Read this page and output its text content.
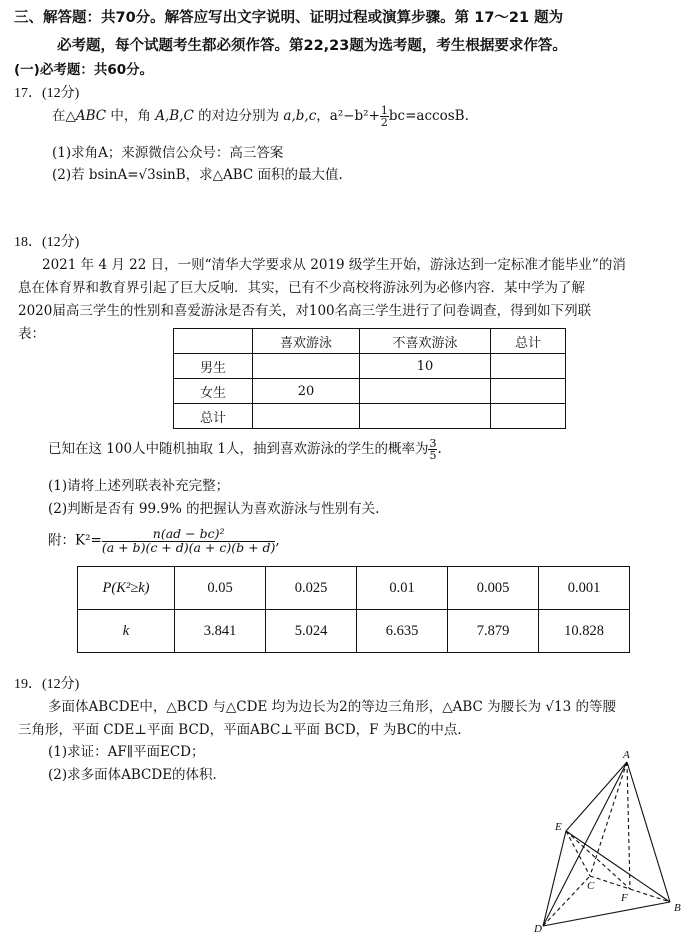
三、解答题：共70分。解答应写出文字说明、证明过程或演算步骤。第 17～21 题为
必考题，每个试题考生都必须作答。第22,23题为选考题，考生根据要求作答。
(一)必考题：共60分。
17．(12分)
在△ABC 中，角 A,B,C 的对边分别为 a,b,c，$a^2-b^2+ \frac{1}{2} bc=accosB$.
(1)求角A；来源微信公众号：高三答案
(2)若 bsinA=√3sinB，求△ABC 面积的最大值.
18．(12分)
2021 年 4 月 22 日，一则“清华大学要求从 2019 级学生开始，游泳达到一定标准才能毕业”的消
息在体育界和教育界引起了巨大反响．其实，已有不少高校将游泳列为必修内容．某中学为了解
2020届高三学生的性别和喜爱游泳是否有关，对100名高三学生进行了问卷调查，得到如下列联
表：
	喜欢游泳	不喜欢游泳	总计
男生		10	
女生	20		
总计			
已知在这 100人中随机抽取 1人，抽到喜欢游泳的学生的概率为 $\frac{3}{5}$ .
(1)请将上述列联表补充完整；
(2)判断是否有 99.9% 的把握认为喜欢游泳与性别有关.
附：$K^2= \frac{\text{n(ad − bc)²}}{(a + b)(c + d)(a + c)(b + d)}$ ,
P(K²≥k)	0.05	0.025	0.01	0.005	0.001
k	3.841	5.024	6.635	7.879	10.828
19．(12分)
多面体ABCDE中，△BCD 与△CDE 均为边长为2的等边三角形，△ABC 为腰长为 √13 的等腰
三角形，平面 CDE⊥平面 BCD，平面ABC⊥平面 BCD，F 为BC的中点．
(1)求证：AF∥平面ECD；
(2)求多面体ABCDE的体积．
A
B
C
D
E
F
